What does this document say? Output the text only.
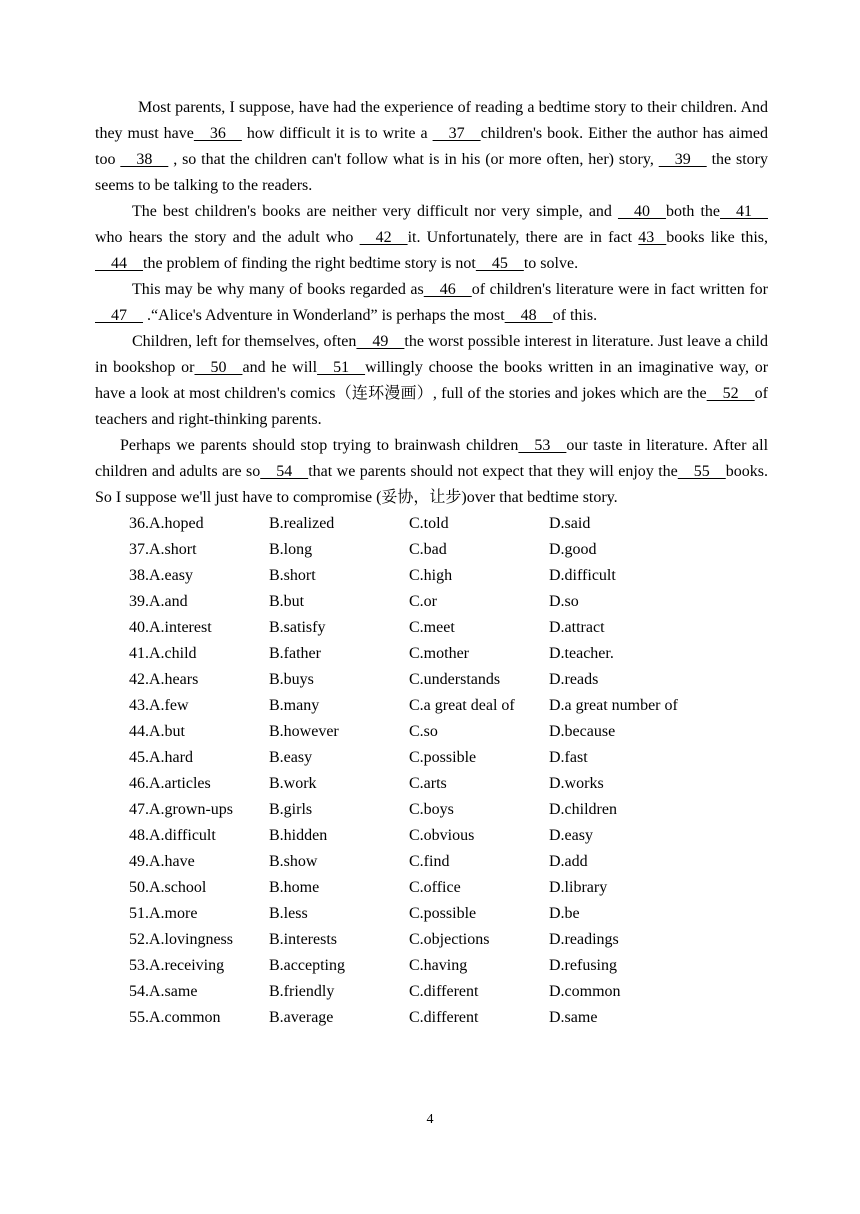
Most parents, I suppose, have had the experience of reading a bedtime story to their children. And they must have    36     how difficult it is to write a     37    children's book. Either the author has aimed too     38     , so that the children can't follow what is in his (or more often, her) story,     39     the story seems to be talking to the readers.

The best children's books are neither very difficult nor very simple, and     40    both the    41    who hears the story and the adult who     42    it. Unfortunately, there are in fact 43   books like this,    44    the problem of finding the right bedtime story is not    45    to solve.

This may be why many of books regarded as    46    of children's literature were in fact written for    47     .“Alice's Adventure in Wonderland” is perhaps the most    48    of this.

Children, left for themselves, often    49    the worst possible interest in literature. Just leave a child in bookshop or    50    and he will    51    willingly choose the books written in an imaginative way, or have a look at most children's comics（连环漫画）, full of the stories and jokes which are the    52    of teachers and right-thinking parents.

Perhaps we parents should stop trying to brainwash children    53    our taste in literature. After all children and adults are so    54    that we parents should not expect that they will enjoy the    55    books. So I suppose we'll just have to compromise (妥协，让步)over that bedtime story.

36.A.hoped	B.realized	C.told	D.said
37.A.short	B.long	C.bad	D.good
38.A.easy	B.short	C.high	D.difficult
39.A.and	B.but	C.or	D.so
40.A.interest	B.satisfy	C.meet	D.attract
41.A.child	B.father	C.mother	D.teacher.
42.A.hears	B.buys	C.understands	D.reads
43.A.few	B.many	C.a great deal of	D.a great number of
44.A.but	B.however	C.so	D.because
45.A.hard	B.easy	C.possible	D.fast
46.A.articles	B.work	C.arts	D.works
47.A.grown-ups	B.girls	C.boys	D.children
48.A.difficult	B.hidden	C.obvious	D.easy
49.A.have	B.show	C.find	D.add
50.A.school	B.home	C.office	D.library
51.A.more	B.less	C.possible	D.be
52.A.lovingness	B.interests	C.objections	D.readings
53.A.receiving	B.accepting	C.having	D.refusing
54.A.same	B.friendly	C.different	D.common
55.A.common	B.average	C.different	D.same
4
